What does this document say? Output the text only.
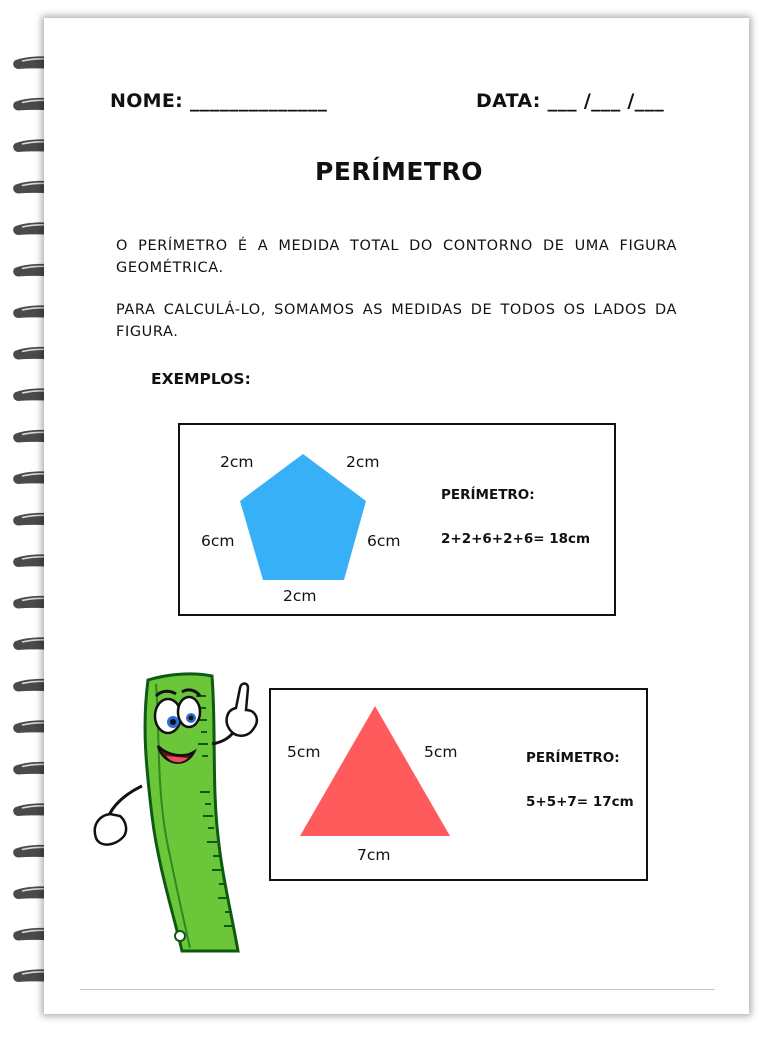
NOME: ______________	DATA: ___ /___ /___
PERÍMETRO
O PERÍMETRO É A MEDIDA TOTAL DO CONTORNO DE UMA FIGURA GEOMÉTRICA.
PARA CALCULÁ-LO, SOMAMOS AS MEDIDAS DE TODOS OS LADOS DA FIGURA.
EXEMPLOS:
2cm	2cm
6cm	6cm
2cm
PERÍMETRO:
2+2+6+2+6= 18cm
5cm	5cm
7cm
PERÍMETRO:
5+5+7= 17cm
